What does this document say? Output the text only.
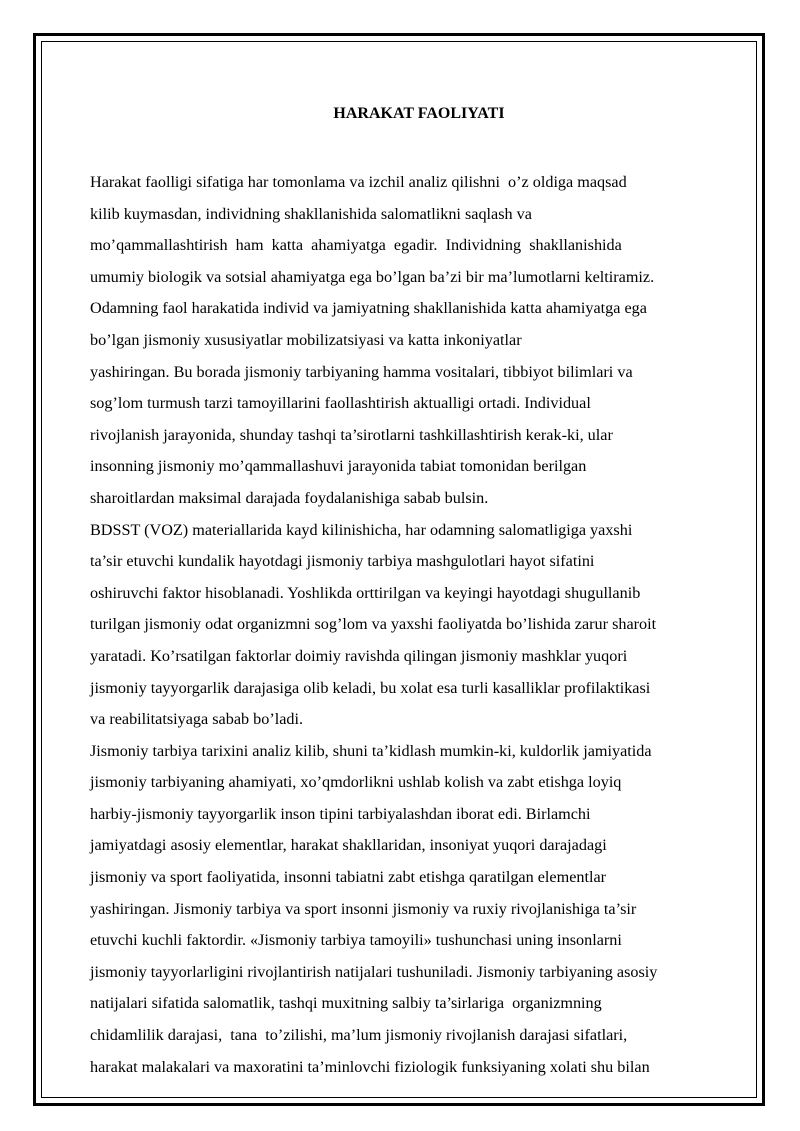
HARAKAT FAOLIYATI
Harakat faolligi sifatiga har tomonlama va izchil analiz qilishni  o’z oldiga maqsad
kilib kuymasdan, individning shakllanishida salomatlikni saqlash va
mo’qammallashtirish  ham  katta  ahamiyatga  egadir.  Individning  shakllanishida
umumiy biologik va sotsial ahamiyatga ega bo’lgan ba’zi bir ma’lumotlarni keltiramiz.
Odamning faol harakatida individ va jamiyatning shakllanishida katta ahamiyatga ega
bo’lgan jismoniy xususiyatlar mobilizatsiyasi va katta inkoniyatlar
yashiringan. Bu borada jismoniy tarbiyaning hamma vositalari, tibbiyot bilimlari va
sog’lom turmush tarzi tamoyillarini faollashtirish aktualligi ortadi. Individual
rivojlanish jarayonida, shunday tashqi ta’sirotlarni tashkillashtirish kerak-ki, ular
insonning jismoniy mo’qammallashuvi jarayonida tabiat tomonidan berilgan
sharoitlardan maksimal darajada foydalanishiga sabab bulsin.
BDSST (VOZ) materiallarida kayd kilinishicha, har odamning salomatligiga yaxshi
ta’sir etuvchi kundalik hayotdagi jismoniy tarbiya mashgulotlari hayot sifatini
oshiruvchi faktor hisoblanadi. Yoshlikda orttirilgan va keyingi hayotdagi shugullanib
turilgan jismoniy odat organizmni sog’lom va yaxshi faoliyatda bo’lishida zarur sharoit
yaratadi. Ko’rsatilgan faktorlar doimiy ravishda qilingan jismoniy mashklar yuqori
jismoniy tayyorgarlik darajasiga olib keladi, bu xolat esa turli kasalliklar profilaktikasi
va reabilitatsiyaga sabab bo’ladi.
Jismoniy tarbiya tarixini analiz kilib, shuni ta’kidlash mumkin-ki, kuldorlik jamiyatida
jismoniy tarbiyaning ahamiyati, xo’qmdorlikni ushlab kolish va zabt etishga loyiq
harbiy-jismoniy tayyorgarlik inson tipini tarbiyalashdan iborat edi. Birlamchi
jamiyatdagi asosiy elementlar, harakat shakllaridan, insoniyat yuqori darajadagi
jismoniy va sport faoliyatida, insonni tabiatni zabt etishga qaratilgan elementlar
yashiringan. Jismoniy tarbiya va sport insonni jismoniy va ruxiy rivojlanishiga ta’sir
etuvchi kuchli faktordir. «Jismoniy tarbiya tamoyili» tushunchasi uning insonlarni
jismoniy tayyorlarligini rivojlantirish natijalari tushuniladi. Jismoniy tarbiyaning asosiy
natijalari sifatida salomatlik, tashqi muxitning salbiy ta’sirlariga  organizmning
chidamlilik darajasi,  tana  to’zilishi, ma’lum jismoniy rivojlanish darajasi sifatlari,
harakat malakalari va maxoratini ta’minlovchi fiziologik funksiyaning xolati shu bilan
